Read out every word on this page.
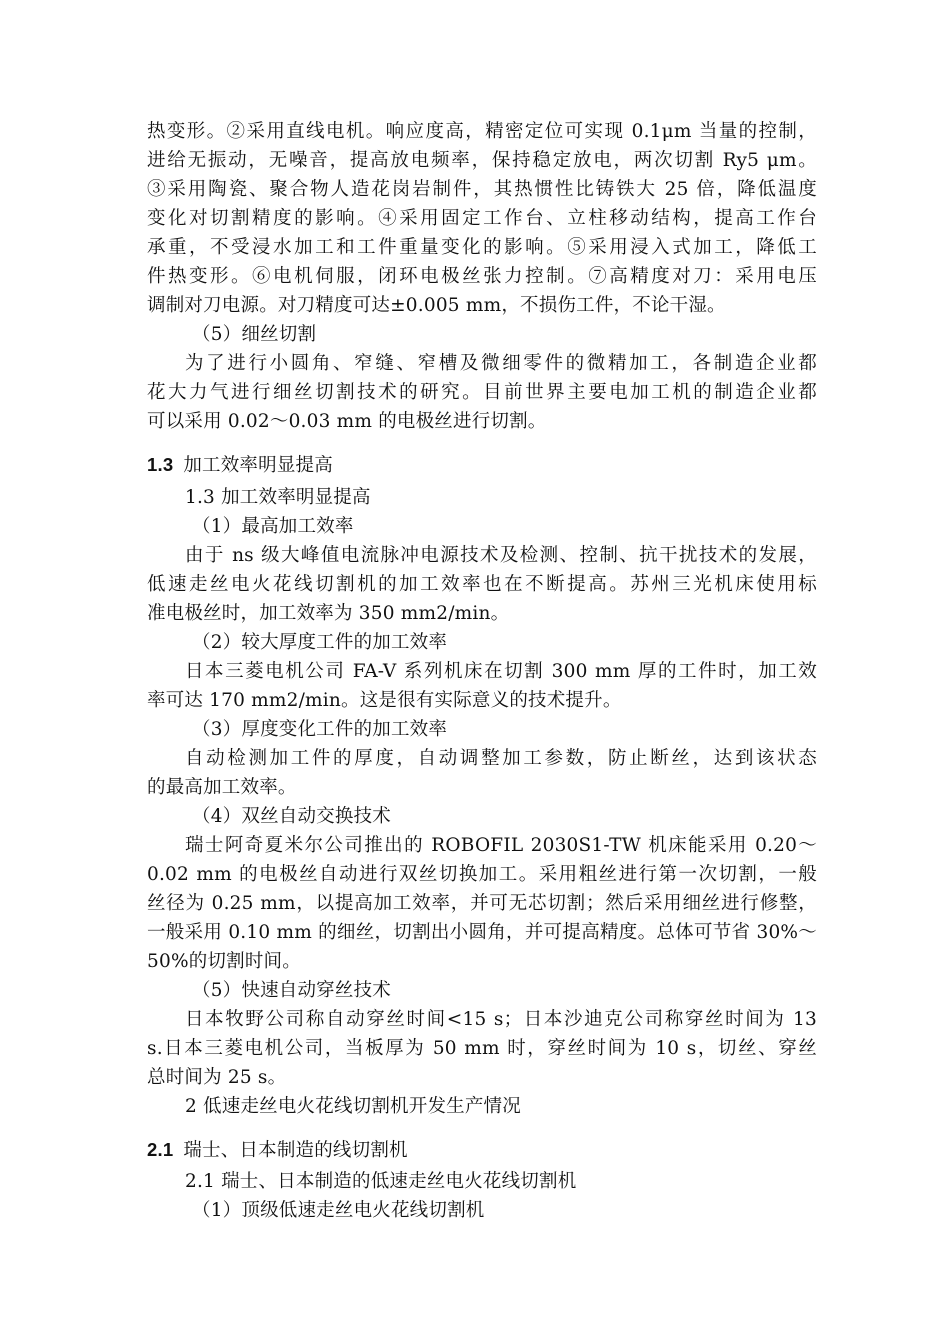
热变形。②采用直线电机。响应度高，精密定位可实现 0.1μm 当量的控制，
进给无振动，无噪音，提高放电频率，保持稳定放电，两次切割 Ry5 μm。
③采用陶瓷、聚合物人造花岗岩制件，其热惯性比铸铁大 25 倍，降低温度
变化对切割精度的影响。④采用固定工作台、立柱移动结构，提高工作台
承重，不受浸水加工和工件重量变化的影响。⑤采用浸入式加工，降低工
件热变形。⑥电机伺服，闭环电极丝张力控制。⑦高精度对刀：采用电压
调制对刀电源。对刀精度可达±0.005 mm，不损伤工件，不论干湿。
（5）细丝切割
为了进行小圆角、窄缝、窄槽及微细零件的微精加工，各制造企业都
花大力气进行细丝切割技术的研究。目前世界主要电加工机的制造企业都
可以采用 0.02～0.03 mm 的电极丝进行切割。
1.3 加工效率明显提高
1.3 加工效率明显提高
（1）最高加工效率
由于 ns 级大峰值电流脉冲电源技术及检测、控制、抗干扰技术的发展，
低速走丝电火花线切割机的加工效率也在不断提高。苏州三光机床使用标
准电极丝时，加工效率为 350 mm2/min。
（2）较大厚度工件的加工效率
日本三菱电机公司 FA-V 系列机床在切割 300 mm 厚的工件时，加工效
率可达 170 mm2/min。这是很有实际意义的技术提升。
（3）厚度变化工件的加工效率
自动检测加工件的厚度，自动调整加工参数，防止断丝，达到该状态
的最高加工效率。
（4）双丝自动交换技术
瑞士阿奇夏米尔公司推出的 ROBOFIL 2030S1-TW 机床能采用 0.20～
0.02 mm 的电极丝自动进行双丝切换加工。采用粗丝进行第一次切割，一般
丝径为 0.25 mm，以提高加工效率，并可无芯切割；然后采用细丝进行修整，
一般采用 0.10 mm 的细丝，切割出小圆角，并可提高精度。总体可节省 30%～
50%的切割时间。
（5）快速自动穿丝技术
日本牧野公司称自动穿丝时间<15 s；日本沙迪克公司称穿丝时间为 13
s.日本三菱电机公司，当板厚为 50 mm 时，穿丝时间为 10 s，切丝、穿丝
总时间为 25 s。
2 低速走丝电火花线切割机开发生产情况
2.1 瑞士、日本制造的线切割机
2.1 瑞士、日本制造的低速走丝电火花线切割机
（1）顶级低速走丝电火花线切割机
